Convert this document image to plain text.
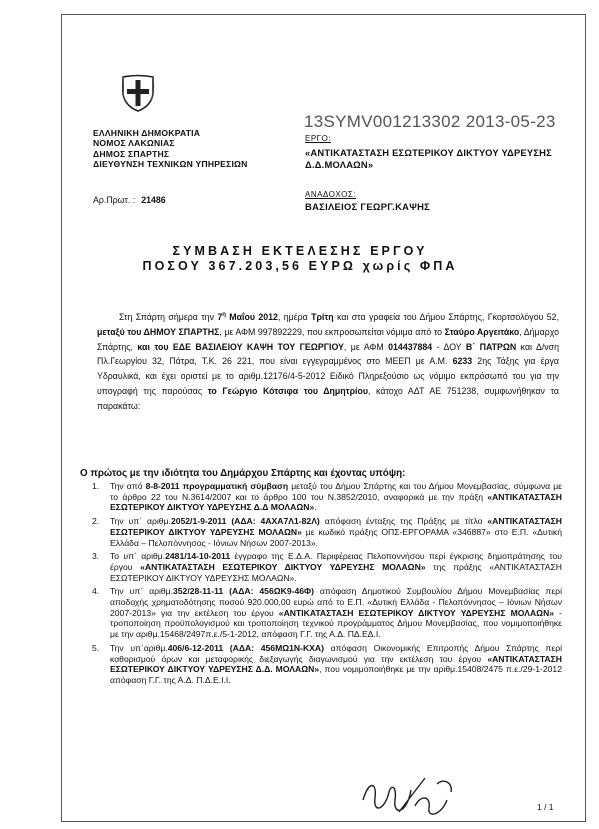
ΕΛΛΗΝΙΚΗ ΔΗΜΟΚΡΑΤΙΑ
ΝΟΜΟΣ ΛΑΚΩΝΙΑΣ
ΔΗΜΟΣ ΣΠΑΡΤΗΣ
ΔΙΕΥΘΥΝΣΗ ΤΕΧΝΙΚΩΝ ΥΠΗΡΕΣΙΩΝ
13SYMV001213302 2013-05-23
ΕΡΓΟ:
«ΑΝΤΙΚΑΤΑΣΤΑΣΗ ΕΣΩΤΕΡΙΚΟΥ ΔΙΚΤΥΟΥ ΥΔΡΕΥΣΗΣ Δ.Δ.ΜΟΛΑΩΝ»
Αρ.Πρωτ. : 21486
ΑΝΑΔΟΧΟΣ:
ΒΑΣΙΛΕΙΟΣ ΓΕΩΡΓ.ΚΑΨΗΣ
ΣΥΜΒΑΣΗ ΕΚΤΕΛΕΣΗΣ ΕΡΓΟΥ
ΠΟΣΟΥ 367.203,56 ΕΥΡΩ χωρίς ΦΠΑ
Στη Σπάρτη σήμερα την $7^\eta$ Μαΐου 2012, ημέρα Τρίτη και στα γραφεία του Δήμου Σπάρτης, Γκορτσολόγου 52, μεταξύ του ΔΗΜΟΥ ΣΠΑΡΤΗΣ, με ΑΦΜ 997892229, που εκπροσωπείται νόμιμα από το Σταύρο Αργειτάκο, Δήμαρχο Σπάρτης, και του ΕΔΕ ΒΑΣΙΛΕΙΟΥ ΚΑΨΗ ΤΟΥ ΓΕΩΡΓΙΟΥ, με ΑΦΜ 014437884 - ΔΟΥ Β΄ ΠΑΤΡΩΝ και Δ/νση Πλ.Γεωργίου 32, Πάτρα, Τ.Κ. 26 221, που είναι εγγεγραμμένος στο ΜΕΕΠ με Α.Μ. 6233 2ης Τάξης για έργα Υδραυλικά, και έχει οριστεί με το αριθμ.12176/4-5-2012 Ειδικό Πληρεξούσιο ως νόμιμο εκπρόσωπό του για την υπογραφή της παρούσας το Γεώργιο Κότσιφα του Δημητρίου, κάτοχο ΑΔΤ ΑΕ 751238, συμφωνήθηκαν τα παρακάτω:
Ο πρώτος με την ιδιότητα του Δημάρχου Σπάρτης και έχοντας υπόψη:
1. Την από 8-8-2011 προγραμματική σύμβαση μεταξύ του Δήμου Σπάρτης και του Δήμου Μονεμβασίας, σύμφωνα με το άρθρο 22 του Ν.3614/2007 και το άρθρο 100 του Ν.3852/2010, αναφορικά με την πράξη «ΑΝΤΙΚΑΤΑΣΤΑΣΗ ΕΣΩΤΕΡΙΚΟΥ ΔΙΚΤΥΟΥ ΥΔΡΕΥΣΗΣ Δ.Δ ΜΟΛΑΩΝ».
2. Την υπ΄ αριθμ.2052/1-9-2011 (ΑΔΑ: 4ΑΧΑ7Λ1-82Λ) απόφαση ένταξης της Πράξης με τίτλο «ΑΝΤΙΚΑΤΑΣΤΑΣΗ ΕΣΩΤΕΡΙΚΟΥ ΔΙΚΤΥΟΥ ΥΔΡΕΥΣΗΣ ΜΟΛΑΩΝ» με κωδικό πράξης ΟΠΣ-ΕΡΓΟΡΑΜΑ «346887» στο Ε.Π. «Δυτική Ελλάδα – Πελοπόννησος - Ιόνιων Νήσων 2007-2013».
3. Το υπ΄ αριθμ.2481/14-10-2011 έγγραφο της Ε.Δ.Α. Περιφέρειας Πελοποννήσου περί έγκρισης δημοπράτησης του έργου «ΑΝΤΙΚΑΤΑΣΤΑΣΗ ΕΣΩΤΕΡΙΚΟΥ ΔΙΚΤΥΟΥ ΥΔΡΕΥΣΗΣ ΜΟΛΑΩΝ» της πράξης «ΑΝΤΙΚΑΤΑΣΤΑΣΗ ΕΣΩΤΕΡΙΚΟΥ ΔΙΚΤΥΟΥ ΥΔΡΕΥΣΗΣ ΜΟΛΑΩΝ».
4. Την υπ΄ αριθμ.352/28-11-11 (ΑΔΑ: 456ΩΚ9-46Φ) απόφαση Δημοτικού Συμβουλίου Δήμου Μονεμβασίας περί αποδοχής χρηματοδότησης ποσού 920.000,00 ευρώ από το Ε.Π. «Δυτική Ελλάδα - Πελοπόννησος – Ιόνιων Νήσων 2007-2013» για την εκτέλεση του έργου «ΑΝΤΙΚΑΤΑΣΤΑΣΗ ΕΣΩΤΕΡΙΚΟΥ ΔΙΚΤΥΟΥ ΥΔΡΕΥΣΗΣ ΜΟΛΑΩΝ» - τροποποίηση προϋπολογισμού και τροποποίηση τεχνικού προγράμματος Δήμου Μονεμβασίας, που νομιμοποιήθηκε με την αριθμ.15468/2497π.ε./5-1-2012, απόφαση Γ.Γ. της Α.Δ. ΠΔ.ΕΔ.Ι.
5. Την υπ΄αριθμ.406/6-12-2011 (ΑΔΑ: 456ΜΩ1Ν-ΚΧΑ) απόφαση Οικονομικής Επιτροπής Δήμου Σπάρτης περί καθορισμού όρων και μεταφορικής διεξαγωγής διαγωνισμού για την εκτέλεση του έργου «ΑΝΤΙΚΑΤΑΣΤΑΣΗ ΕΣΩΤΕΡΙΚΟΥ ΔΙΚΤΥΟΥ ΥΔΡΕΥΣΗΣ Δ.Δ. ΜΟΛΑΩΝ», που νομιμοποιήθηκε με την αριθμ.15408/2475 π.ε./29-1-2012 απόφαση Γ.Γ. της Α.Δ. Π.Δ.Ε.Ι.Ι.
1 / 1
